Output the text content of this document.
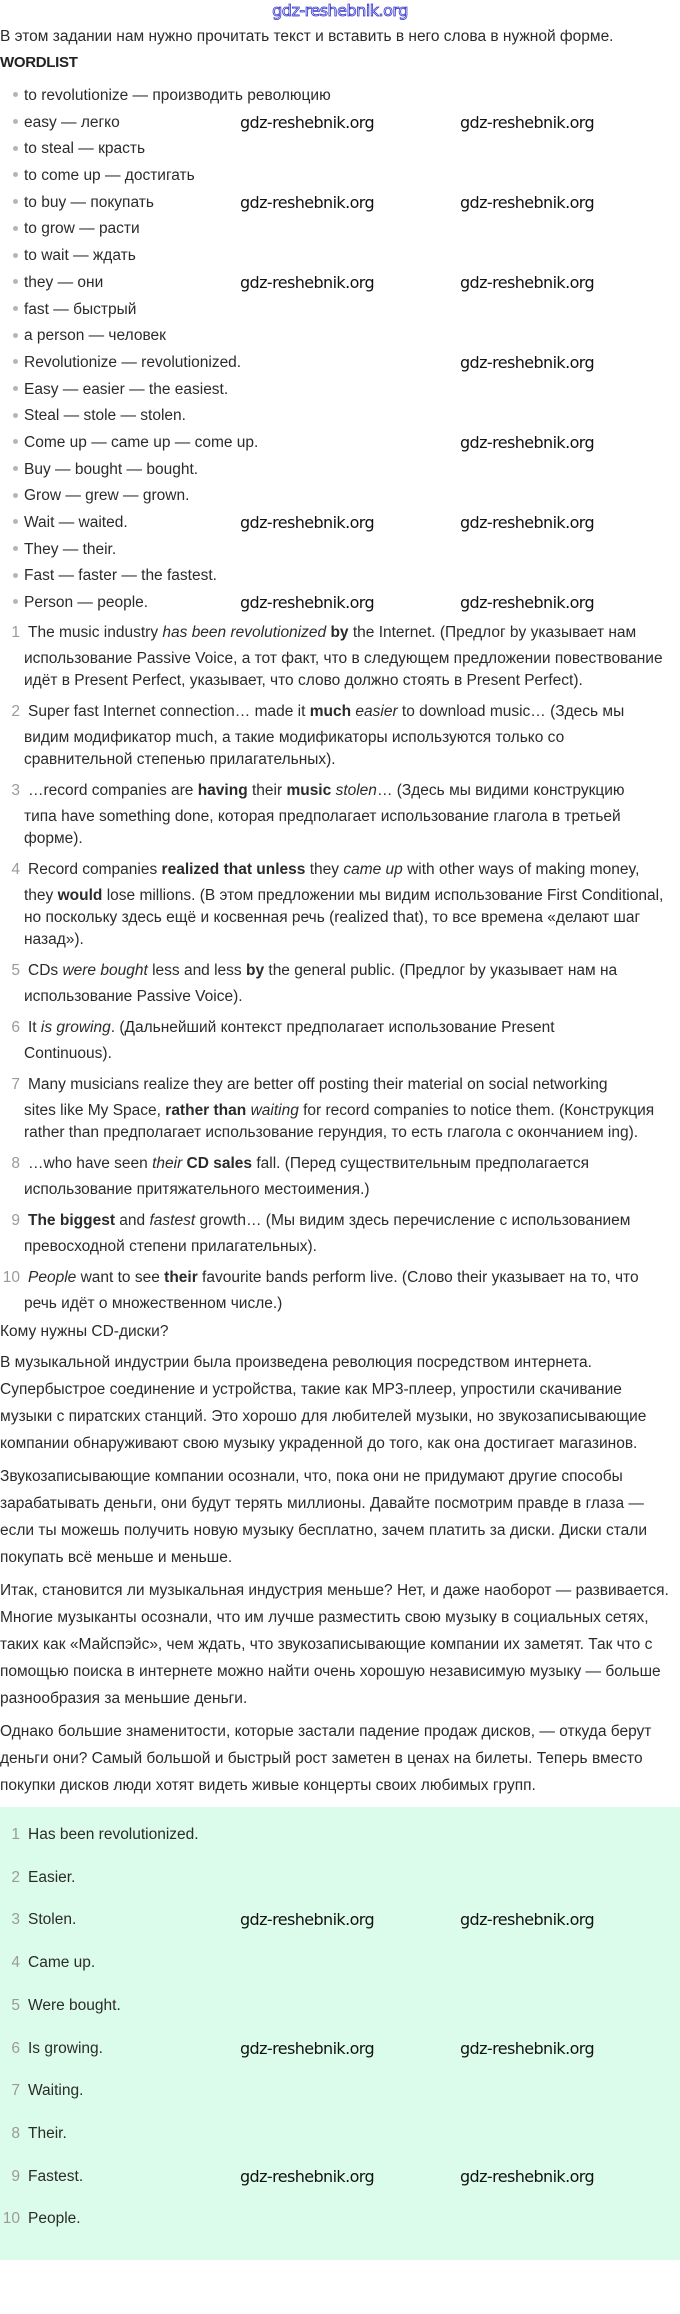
gdz-reshebnik.org
В этом задании нам нужно прочитать текст и вставить в него слова в нужной форме.
WORDLIST
to revolutionize — производить революцию
easy — легко
to steal — красть
to come up — достигать
to buy — покупать
to grow — расти
to wait — ждать
they — они
fast — быстрый
a person — человек
Revolutionize — revolutionized.
Easy — easier — the easiest.
Steal — stole — stolen.
Come up — came up — come up.
Buy — bought — bought.
Grow — grew — grown.
Wait — waited.
They — their.
Fast — faster — the fastest.
Person — people.
1 The music industry has been revolutionized by the Internet. (Предлог by указывает нам
использование Passive Voice, а тот факт, что в следующем предложении повествование идёт в Present Perfect, указывает, что слово должно стоять в Present Perfect).
2 Super fast Internet connection… made it much easier to download music… (Здесь мы
видим модификатор much, а такие модификаторы используются только со сравнительной степенью прилагательных).
3 …record companies are having their music stolen… (Здесь мы видими конструкцию
типа have something done, которая предполагает использование глагола в третьей форме).
4 Record companies realized that unless they came up with other ways of making money,
they would lose millions. (В этом предложении мы видим использование First Conditional, но поскольку здесь ещё и косвенная речь (realized that), то все времена «делают шаг назад»).
5 CDs were bought less and less by the general public. (Предлог by указывает нам на
использование Passive Voice).
6 It is growing. (Дальнейший контекст предполагает использование Present
Continuous).
7 Many musicians realize they are better off posting their material on social networking
sites like My Space, rather than waiting for record companies to notice them. (Конструкция rather than предполагает использование герундия, то есть глагола с окончанием ing).
8 …who have seen their CD sales fall. (Перед существительным предполагается
использование притяжательного местоимения.)
9 The biggest and fastest growth… (Мы видим здесь перечисление с использованием
превосходной степени прилагательных).
10 People want to see their favourite bands perform live. (Слово their указывает на то, что
речь идёт о множественном числе.)
Кому нужны CD-диски?
В музыкальной индустрии была произведена революция посредством интернета. Супербыстрое соединение и устройства, такие как MP3-плеер, упростили скачивание музыки с пиратских станций. Это хорошо для любителей музыки, но звукозаписывающие компании обнаруживают свою музыку украденной до того, как она достигает магазинов.
Звукозаписывающие компании осознали, что, пока они не придумают другие способы зарабатывать деньги, они будут терять миллионы. Давайте посмотрим правде в глаза — если ты можешь получить новую музыку бесплатно, зачем платить за диски. Диски стали покупать всё меньше и меньше.
Итак, становится ли музыкальная индустрия меньше? Нет, и даже наоборот — развивается. Многие музыканты осознали, что им лучше разместить свою музыку в социальных сетях, таких как «Майспэйс», чем ждать, что звукозаписывающие компании их заметят. Так что с помощью поиска в интернете можно найти очень хорошую независимую музыку — больше разнообразия за меньшие деньги.
Однако большие знаменитости, которые застали падение продаж дисков, — откуда берут деньги они? Самый большой и быстрый рост заметен в ценах на билеты. Теперь вместо покупки дисков люди хотят видеть живые концерты своих любимых групп.
1 Has been revolutionized.
2 Easier.
3 Stolen.
4 Came up.
5 Were bought.
6 Is growing.
7 Waiting.
8 Their.
9 Fastest.
10 People.
gdz-reshebnik.org	gdz-reshebnik.org
gdz-reshebnik.org	gdz-reshebnik.org
gdz-reshebnik.org	gdz-reshebnik.org
gdz-reshebnik.org
gdz-reshebnik.org
gdz-reshebnik.org	gdz-reshebnik.org
gdz-reshebnik.org	gdz-reshebnik.org
gdz-reshebnik.org	gdz-reshebnik.org
gdz-reshebnik.org	gdz-reshebnik.org
gdz-reshebnik.org	gdz-reshebnik.org
